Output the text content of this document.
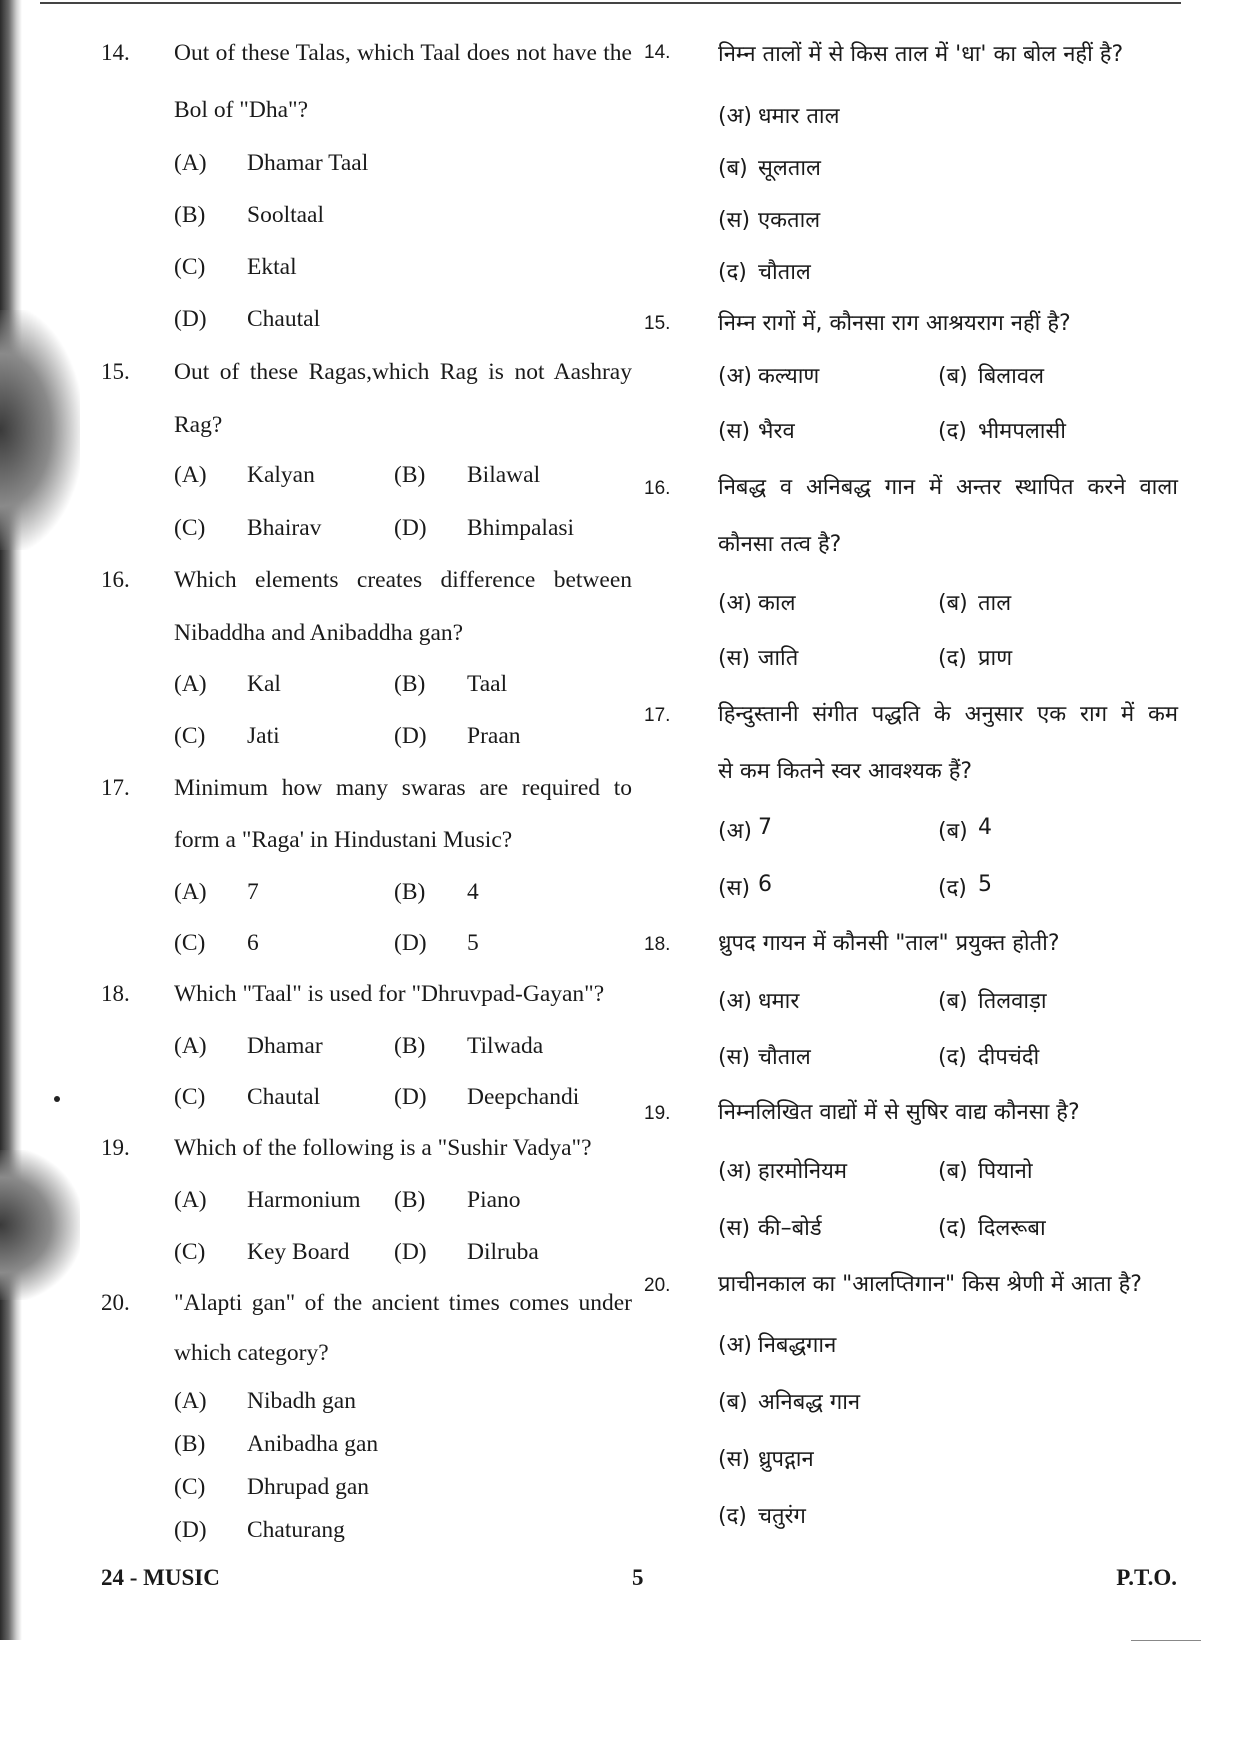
14. Out of these Talas, which Taal does not have the
Bol of "Dha"?
(A) Dhamar Taal
(B) Sooltaal
(C) Ektal
(D) Chautal
15. Out of these Ragas,which Rag is not Aashray
Rag?
(A) Kalyan	(B) Bilawal
(C) Bhairav	(D) Bhimpalasi
16. Which elements creates difference between
Nibaddha and Anibaddha gan?
(A) Kal	(B) Taal
(C) Jati	(D) Praan
17. Minimum how many swaras are required to
form a "Raga' in Hindustani Music?
(A) 7	(B) 4
(C) 6	(D) 5
18. Which "Taal" is used for "Dhruvpad-Gayan"?
(A) Dhamar	(B) Tilwada
(C) Chautal	(D) Deepchandi
19. Which of the following is a "Sushir Vadya"?
(A) Harmonium (B) Piano
(C) Key Board (D) Dilruba
20. "Alapti gan" of the ancient times comes under
which category?
(A) Nibadh gan
(B) Anibadha gan
(C) Dhrupad gan
(D) Chaturang
14. निम्न तालों में से किस ताल में 'धा' का बोल नहीं है?
(अ) धमार ताल
(ब) सूलताल
(स) एकताल
(द) चौताल
15. निम्न रागों में, कौनसा राग आश्रयराग नहीं है?
(अ) कल्याण	(ब) बिलावल
(स) भैरव	(द) भीमपलासी
16. निबद्ध व अनिबद्ध गान में अन्तर स्थापित करने वाला
कौनसा तत्व है?
(अ) काल	(ब) ताल
(स) जाति	(द) प्राण
17. हिन्दुस्तानी संगीत पद्धति के अनुसार एक राग में कम
से कम कितने स्वर आवश्यक हैं?
(अ) 7	(ब) 4
(स) 6	(द) 5
18. ध्रुपद गायन में कौनसी "ताल" प्रयुक्त होती?
(अ) धमार	(ब) तिलवाड़ा
(स) चौताल	(द) दीपचंदी
19. निम्नलिखित वाद्यों में से सुषिर वाद्य कौनसा है?
(अ) हारमोनियम	(ब) पियानो
(स) की–बोर्ड	(द) दिलरूबा
20. प्राचीनकाल का "आलप्तिगान" किस श्रेणी में आता है?
(अ) निबद्धगान
(ब) अनिबद्ध गान
(स) ध्रुपद्गान
(द) चतुरंग
24 - MUSIC	5	P.T.O.
